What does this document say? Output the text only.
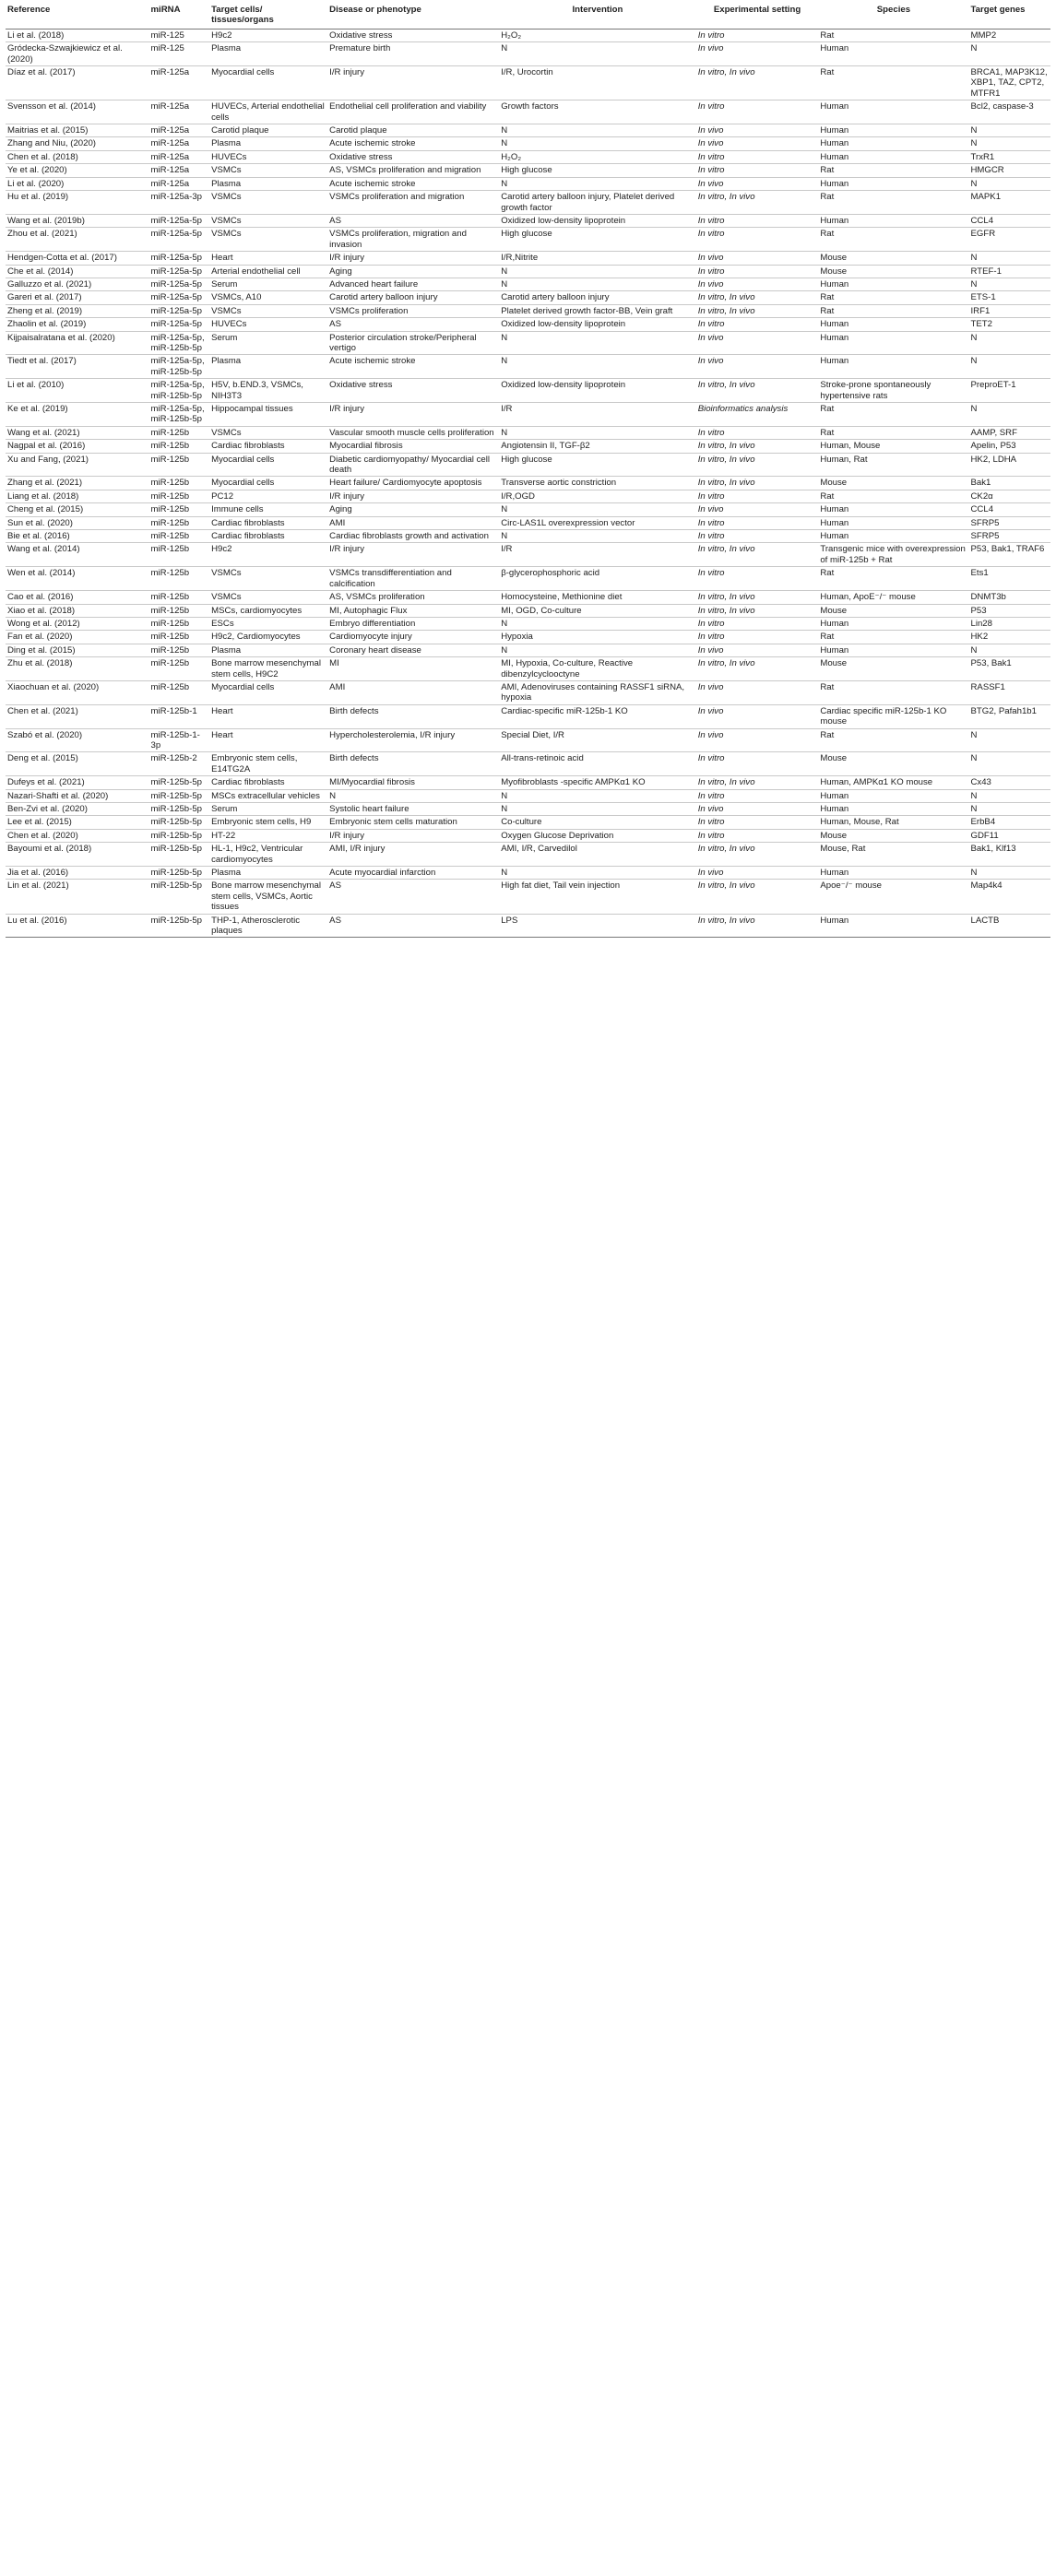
Reference	miRNA	Target cells/ tissues/organs	Disease or phenotype	Intervention	Experimental setting	Species	Target genes
Li et al. (2018)	miR-125	H9c2	Oxidative stress	H₂O₂	In vitro	Rat	MMP2
Gródecka-Szwajkiewicz et al. (2020)	miR-125	Plasma	Premature birth	N	In vivo	Human	N
Díaz et al. (2017)	miR-125a	Myocardial cells	I/R injury	I/R, Urocortin	In vitro, In vivo	Rat	BRCA1, MAP3K12, XBP1, TAZ, CPT2, MTFR1
Svensson et al. (2014)	miR-125a	HUVECs, Arterial endothelial cells	Endothelial cell proliferation and viability	Growth factors	In vitro	Human	Bcl2, caspase-3
Maitrias et al. (2015)	miR-125a	Carotid plaque	Carotid plaque	N	In vivo	Human	N
Zhang and Niu, (2020)	miR-125a	Plasma	Acute ischemic stroke	N	In vivo	Human	N
Chen et al. (2018)	miR-125a	HUVECs	Oxidative stress	H₂O₂	In vitro	Human	TrxR1
Ye et al. (2020)	miR-125a	VSMCs	AS, VSMCs proliferation and migration	High glucose	In vitro	Rat	HMGCR
Li et al. (2020)	miR-125a	Plasma	Acute ischemic stroke	N	In vivo	Human	N
Hu et al. (2019)	miR-125a-3p	VSMCs	VSMCs proliferation and migration	Carotid artery balloon injury, Platelet derived growth factor	In vitro, In vivo	Rat	MAPK1
Wang et al. (2019b)	miR-125a-5p	VSMCs	AS	Oxidized low-density lipoprotein	In vitro	Human	CCL4
Zhou et al. (2021)	miR-125a-5p	VSMCs	VSMCs proliferation, migration and invasion	High glucose	In vitro	Rat	EGFR
Hendgen-Cotta et al. (2017)	miR-125a-5p	Heart	I/R injury	I/R,Nitrite	In vivo	Mouse	N
Che et al. (2014)	miR-125a-5p	Arterial endothelial cell	Aging	N	In vitro	Mouse	RTEF-1
Galluzzo et al. (2021)	miR-125a-5p	Serum	Advanced heart failure	N	In vivo	Human	N
Gareri et al. (2017)	miR-125a-5p	VSMCs, A10	Carotid artery balloon injury	Carotid artery balloon injury	In vitro, In vivo	Rat	ETS-1
Zheng et al. (2019)	miR-125a-5p	VSMCs	VSMCs proliferation	Platelet derived growth factor-BB, Vein graft	In vitro, In vivo	Rat	IRF1
Zhaolin et al. (2019)	miR-125a-5p	HUVECs	AS	Oxidized low-density lipoprotein	In vitro	Human	TET2
Kijpaisalratana et al. (2020)	miR-125a-5p, miR-125b-5p	Serum	Posterior circulation stroke/Peripheral vertigo	N	In vivo	Human	N
Tiedt et al. (2017)	miR-125a-5p, miR-125b-5p	Plasma	Acute ischemic stroke	N	In vivo	Human	N
Li et al. (2010)	miR-125a-5p, miR-125b-5p	H5V, b.END.3, VSMCs, NIH3T3	Oxidative stress	Oxidized low-density lipoprotein	In vitro, In vivo	Stroke-prone spontaneously hypertensive rats	PreproET-1
Ke et al. (2019)	miR-125a-5p, miR-125b-5p	Hippocampal tissues	I/R injury	I/R	Bioinformatics analysis	Rat	N
Wang et al. (2021)	miR-125b	VSMCs	Vascular smooth muscle cells proliferation	N	In vitro	Rat	AAMP, SRF
Nagpal et al. (2016)	miR-125b	Cardiac fibroblasts	Myocardial fibrosis	Angiotensin II, TGF-β2	In vitro, In vivo	Human, Mouse	Apelin, P53
Xu and Fang, (2021)	miR-125b	Myocardial cells	Diabetic cardiomyopathy/ Myocardial cell death	High glucose	In vitro, In vivo	Human, Rat	HK2, LDHA
Zhang et al. (2021)	miR-125b	Myocardial cells	Heart failure/ Cardiomyocyte apoptosis	Transverse aortic constriction	In vitro, In vivo	Mouse	Bak1
Liang et al. (2018)	miR-125b	PC12	I/R injury	I/R,OGD	In vitro	Rat	CK2α
Cheng et al. (2015)	miR-125b	Immune cells	Aging	N	In vivo	Human	CCL4
Sun et al. (2020)	miR-125b	Cardiac fibroblasts	AMI	Circ-LAS1L overexpression vector	In vitro	Human	SFRP5
Bie et al. (2016)	miR-125b	Cardiac fibroblasts	Cardiac fibroblasts growth and activation	N	In vitro	Human	SFRP5
Wang et al. (2014)	miR-125b	H9c2	I/R injury	I/R	In vitro, In vivo	Transgenic mice with overexpression of miR-125b + Rat	P53, Bak1, TRAF6
Wen et al. (2014)	miR-125b	VSMCs	VSMCs transdifferentiation and calcification	β-glycerophosphoric acid	In vitro	Rat	Ets1
Cao et al. (2016)	miR-125b	VSMCs	AS, VSMCs proliferation	Homocysteine, Methionine diet	In vitro, In vivo	Human, ApoE⁻/⁻ mouse	DNMT3b
Xiao et al. (2018)	miR-125b	MSCs, cardiomyocytes	MI, Autophagic Flux	MI, OGD, Co-culture	In vitro, In vivo	Mouse	P53
Wong et al. (2012)	miR-125b	ESCs	Embryo differentiation	N	In vitro	Human	Lin28
Fan et al. (2020)	miR-125b	H9c2, Cardiomyocytes	Cardiomyocyte injury	Hypoxia	In vitro	Rat	HK2
Ding et al. (2015)	miR-125b	Plasma	Coronary heart disease	N	In vivo	Human	N
Zhu et al. (2018)	miR-125b	Bone marrow mesenchymal stem cells, H9C2	MI	MI, Hypoxia, Co-culture, Reactive dibenzylcyclooctyne	In vitro, In vivo	Mouse	P53, Bak1
Xiaochuan et al. (2020)	miR-125b	Myocardial cells	AMI	AMI, Adenoviruses containing RASSF1 siRNA, hypoxia	In vivo	Rat	RASSF1
Chen et al. (2021)	miR-125b-1	Heart	Birth defects	Cardiac-specific miR-125b-1 KO	In vivo	Cardiac specific miR-125b-1 KO mouse	BTG2, Pafah1b1
Szabó et al. (2020)	miR-125b-1-3p	Heart	Hypercholesterolemia, I/R injury	Special Diet, I/R	In vivo	Rat	N
Deng et al. (2015)	miR-125b-2	Embryonic stem cells, E14TG2A	Birth defects	All-trans-retinoic acid	In vitro	Mouse	N
Dufeys et al. (2021)	miR-125b-5p	Cardiac fibroblasts	MI/Myocardial fibrosis	Myofibroblasts -specific AMPKα1 KO	In vitro, In vivo	Human, AMPKα1 KO mouse	Cx43
Nazari-Shafti et al. (2020)	miR-125b-5p	MSCs extracellular vehicles	N	N	In vitro	Human	N
Ben-Zvi et al. (2020)	miR-125b-5p	Serum	Systolic heart failure	N	In vivo	Human	N
Lee et al. (2015)	miR-125b-5p	Embryonic stem cells, H9	Embryonic stem cells maturation	Co-culture	In vitro	Human, Mouse, Rat	ErbB4
Chen et al. (2020)	miR-125b-5p	HT-22	I/R injury	Oxygen Glucose Deprivation	In vitro	Mouse	GDF11
Bayoumi et al. (2018)	miR-125b-5p	HL-1, H9c2, Ventricular cardiomyocytes	AMI, I/R injury	AMI, I/R, Carvedilol	In vitro, In vivo	Mouse, Rat	Bak1, Klf13
Jia et al. (2016)	miR-125b-5p	Plasma	Acute myocardial infarction	N	In vivo	Human	N
Lin et al. (2021)	miR-125b-5p	Bone marrow mesenchymal stem cells, VSMCs, Aortic tissues	AS	High fat diet, Tail vein injection	In vitro, In vivo	Apoe⁻/⁻ mouse	Map4k4
Lu et al. (2016)	miR-125b-5p	THP-1, Atherosclerotic plaques	AS	LPS	In vitro, In vivo	Human	LACTB
